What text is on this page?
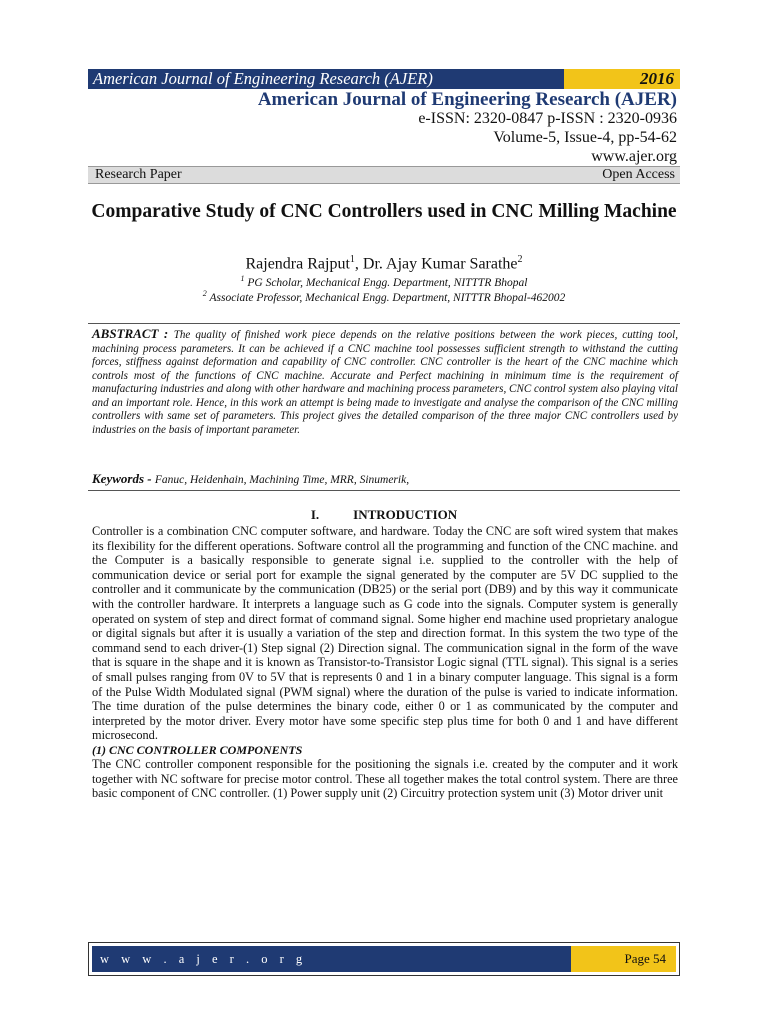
American Journal of Engineering Research (AJER)	2016
American Journal of Engineering Research (AJER)
e-ISSN: 2320-0847 p-ISSN : 2320-0936
Volume-5, Issue-4, pp-54-62
www.ajer.org
Research Paper	Open Access
Comparative Study of CNC Controllers used in CNC Milling Machine
Rajendra Rajput$^1$, Dr. Ajay Kumar Sarathe$^2$
$^1$ PG Scholar, Mechanical Engg. Department, NITTTR Bhopal
$^2$ Associate Professor, Mechanical Engg. Department, NITTTR Bhopal-462002
ABSTRACT : The quality of finished work piece depends on the relative positions between the work pieces, cutting tool, machining process parameters. It can be achieved if a CNC machine tool possesses sufficient strength to withstand the cutting forces, stiffness against deformation and capability of CNC controller. CNC controller is the heart of the CNC machine which controls most of the functions of CNC machine. Accurate and Perfect machining in minimum time is the requirement of manufacturing industries and along with other hardware and machining process parameters, CNC control system also playing vital and an important role. Hence, in this work an attempt is being made to investigate and analyse the comparison of the CNC milling controllers with same set of parameters. This project gives the detailed comparison of the three major CNC controllers used by industries on the basis of important parameter.
Keywords - Fanuc, Heidenhain, Machining Time, MRR, Sinumerik,
I.	INTRODUCTION
Controller is a combination CNC computer software, and hardware. Today the CNC are soft wired system that makes its flexibility for the different operations. Software control all the programming and function of the CNC machine. and the Computer is a basically responsible to generate signal i.e. supplied to the controller with the help of communication device or serial port for example the signal generated by the computer are 5V DC supplied to the controller and it communicate by the communication (DB25) or the serial port (DB9) and by this way it communicate with the controller hardware. It interprets a language such as G code into the signals. Computer system is generally operated on system of step and direct format of command signal. Some higher end machine used proprietary analogue or digital signals but after it is usually a variation of the step and direction format. In this system the two type of the command send to each driver-(1) Step signal (2) Direction signal. The communication signal in the form of the wave that is square in the shape and it is known as Transistor-to-Transistor Logic signal (TTL signal). This signal is a series of small pulses ranging from 0V to 5V that is represents 0 and 1 in a binary computer language. This signal is a form of the Pulse Width Modulated signal (PWM signal) where the duration of the pulse is varied to indicate information. The time duration of the pulse determines the binary code, either 0 or 1 as communicated by the computer and interpreted by the motor driver. Every motor have some specific step plus time for both 0 and 1 and have different microsecond.
(1) CNC CONTROLLER COMPONENTS
The CNC controller component responsible for the positioning the signals i.e. created by the computer and it work together with NC software for precise motor control. These all together makes the total control system. There are three basic component of CNC controller. (1) Power supply unit (2) Circuitry protection system unit (3) Motor driver unit
w w w . a j e r . o r g	Page 54
